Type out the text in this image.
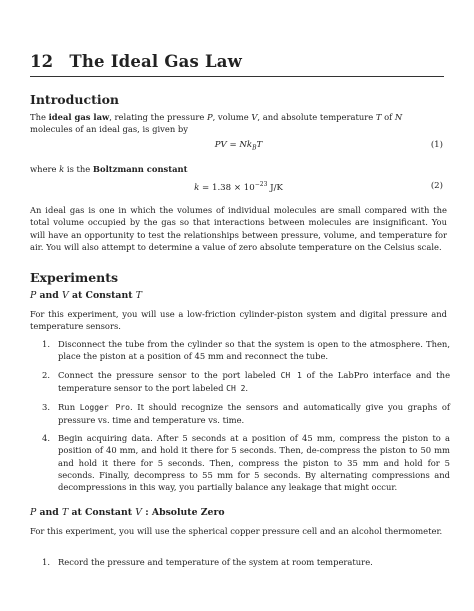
12 The Ideal Gas Law
Introduction
The ideal gas law, relating the pressure P, volume V, and absolute temperature T of N
molecules of an ideal gas, is given by
PV = $Nk_BT$	(1)
where k is the Boltzmann constant
$k = 1.38 \times 10^{-23}$ J/K	(2)
An ideal gas is one in which the volumes of individual molecules are small compared with the total volume occupied by the gas so that interactions between molecules are insignificant. You will have an opportunity to test the relationships between pressure, volume, and temperature for air. You will also attempt to determine a value of zero absolute temperature on the Celsius scale.
Experiments
P and V at Constant T
For this experiment, you will use a low-friction cylinder-piston system and digital pressure and temperature sensors.
1. Disconnect the tube from the cylinder so that the system is open to the atmosphere. Then, place the piston at a position of 45 mm and reconnect the tube.
2. Connect the pressure sensor to the port labeled CH 1 of the LabPro interface and the temperature sensor to the port labeled CH 2.
3. Run Logger Pro. It should recognize the sensors and automatically give you graphs of pressure vs. time and temperature vs. time.
4. Begin acquiring data. After 5 seconds at a position of 45 mm, compress the piston to a position of 40 mm, and hold it there for 5 seconds. Then, de-compress the piston to 50 mm and hold it there for 5 seconds. Then, compress the piston to 35 mm and hold for 5 seconds. Finally, decompress to 55 mm for 5 seconds. By alternating compressions and decompressions in this way, you partially balance any leakage that might occur.
P and T at Constant V : Absolute Zero
For this experiment, you will use the spherical copper pressure cell and an alcohol thermometer.
1. Record the pressure and temperature of the system at room temperature.
